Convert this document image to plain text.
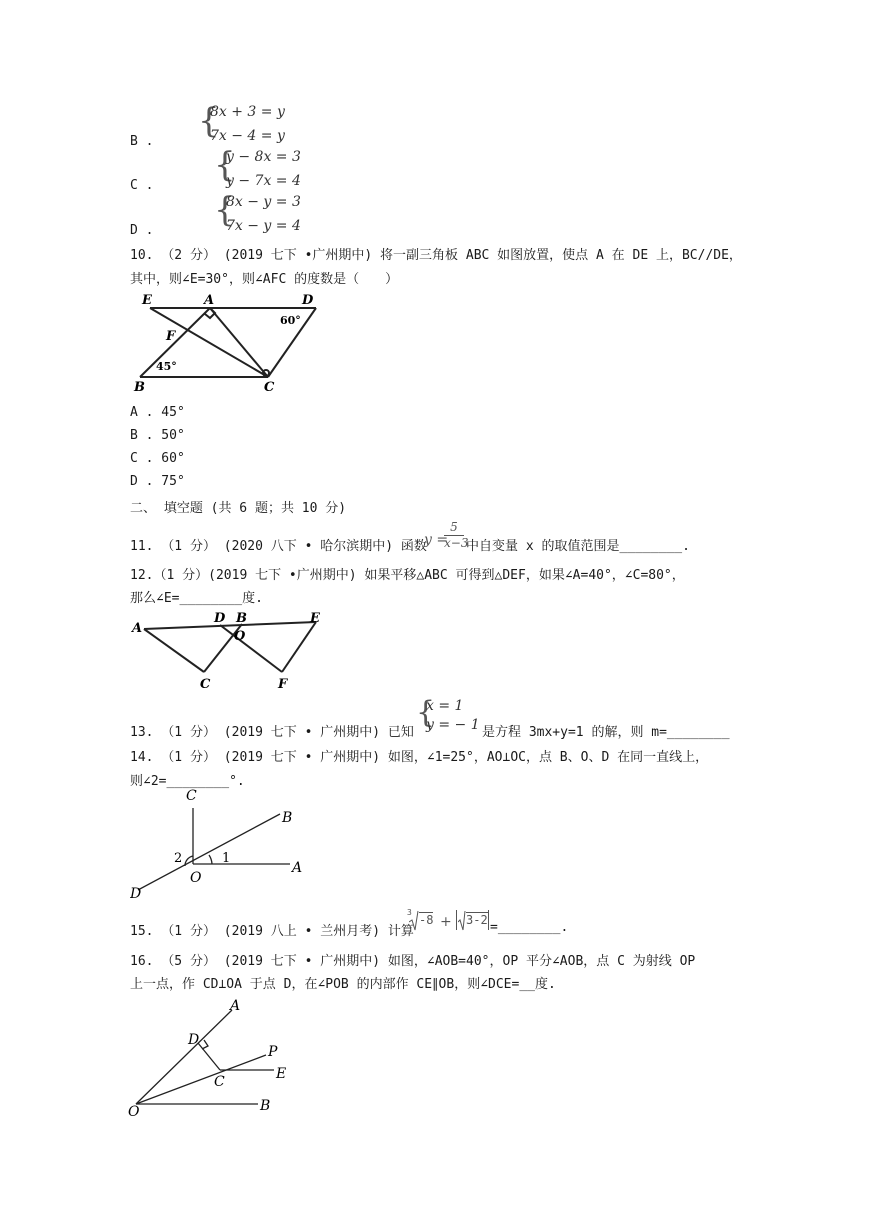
B .
{
8x + 3 = y
7x − 4 = y
C .
{
y − 8x = 3
y − 7x = 4
D .
{
8x − y = 3
7x − y = 4
10. （2 分） (2019 七下 •广州期中) 将一副三角板 ABC 如图放置，使点 A 在 DE 上，BC//DE，
其中，则∠E=30°，则∠AFC 的度数是（　　）
E	A	D
60°
F
45°
B	C
A . 45°
B . 50°
C . 60°
D . 75°
二、 填空题 (共 6 题；共 10 分)
11. （1 分） (2020 八下 • 哈尔滨期中) 函数
y =
5
x−3
中自变量 x 的取值范围是________.
12.（1 分）(2019 七下 •广州期中) 如果平移△ABC 可得到△DEF，如果∠A=40°，∠C=80°，
那么∠E=________度.
A
D B
O
E
C	F
{
x = 1
y = − 1
13. （1 分） (2019 七下 • 广州期中) 已知	是方程 3mx+y=1 的解，则 m=________
14. （1 分） (2019 七下 • 广州期中) 如图，∠1=25°，AO⊥OC，点 B、O、D 在同一直线上，
则∠2=________°.
C
B
A
O
D
1
2
15. （1 分） (2019 八上 • 兰州月考) 计算
3
-8 + 3-2 =________.
16. （5 分） (2019 七下 • 广州期中) 如图，∠AOB=40°，OP 平分∠AOB，点 C 为射线 OP
上一点，作 CD⊥OA 于点 D，在∠POB 的内部作 CE∥OB，则∠DCE=__度.
A
D
P
C	E
O	B
